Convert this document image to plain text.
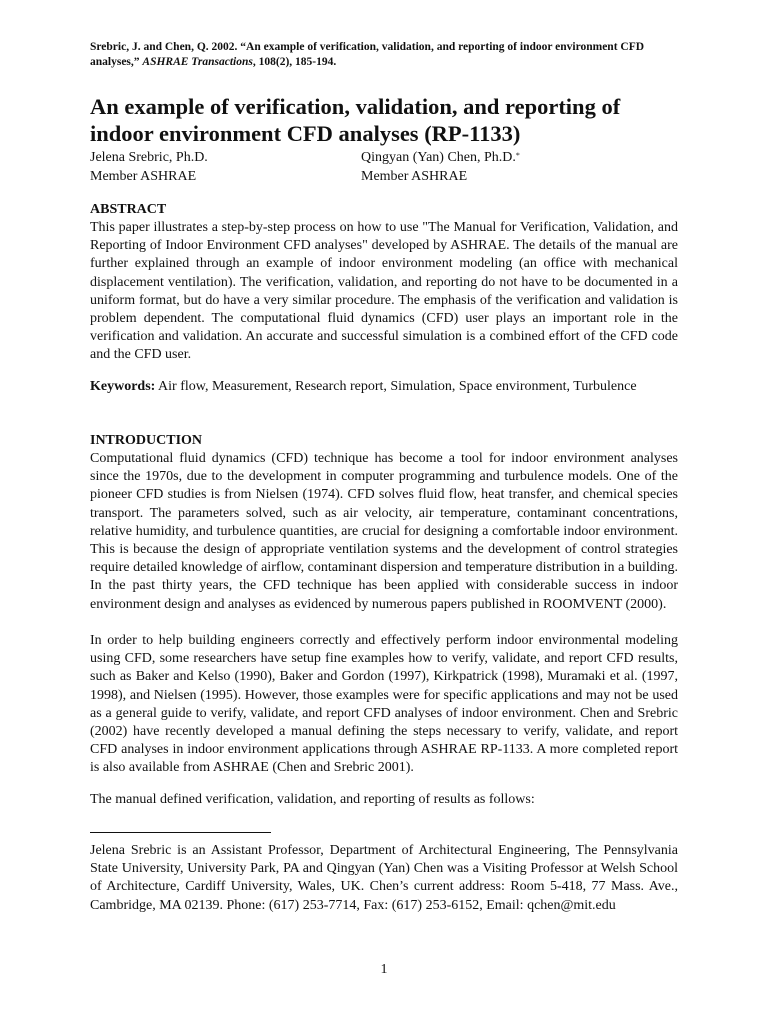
Srebric, J. and Chen, Q. 2002. “An example of verification, validation, and reporting of indoor environment CFD analyses,” ASHRAE Transactions, 108(2), 185-194.
An example of verification, validation, and reporting of indoor environment CFD analyses (RP-1133)
Jelena Srebric, Ph.D.
Member ASHRAE
Qingyan (Yan) Chen, Ph.D.*
Member ASHRAE
ABSTRACT

This paper illustrates a step-by-step process on how to use "The Manual for Verification, Validation, and Reporting of Indoor Environment CFD analyses" developed by ASHRAE. The details of the manual are further explained through an example of indoor environment modeling (an office with mechanical displacement ventilation). The verification, validation, and reporting do not have to be documented in a uniform format, but do have a very similar procedure. The emphasis of the verification and validation is problem dependent. The computational fluid dynamics (CFD) user plays an important role in the verification and validation. An accurate and successful simulation is a combined effort of the CFD code and the CFD user.

Keywords: Air flow, Measurement, Research report, Simulation, Space environment, Turbulence

INTRODUCTION

Computational fluid dynamics (CFD) technique has become a tool for indoor environment analyses since the 1970s, due to the development in computer programming and turbulence models. One of the pioneer CFD studies is from Nielsen (1974). CFD solves fluid flow, heat transfer, and chemical species transport. The parameters solved, such as air velocity, air temperature, contaminant concentrations, relative humidity, and turbulence quantities, are crucial for designing a comfortable indoor environment. This is because the design of appropriate ventilation systems and the development of control strategies require detailed knowledge of airflow, contaminant dispersion and temperature distribution in a building. In the past thirty years, the CFD technique has been applied with considerable success in indoor environment design and analyses as evidenced by numerous papers published in ROOMVENT (2000).

In order to help building engineers correctly and effectively perform indoor environmental modeling using CFD, some researchers have setup fine examples how to verify, validate, and report CFD results, such as Baker and Kelso (1990), Baker and Gordon (1997), Kirkpatrick (1998), Muramaki et al. (1997, 1998), and Nielsen (1995). However, those examples were for specific applications and may not be used as a general guide to verify, validate, and report CFD analyses of indoor environment. Chen and Srebric (2002) have recently developed a manual defining the steps necessary to verify, validate, and report CFD analyses in indoor environment applications through ASHRAE RP-1133. A more completed report is also available from ASHRAE (Chen and Srebric 2001).

The manual defined verification, validation, and reporting of results as follows:

Jelena Srebric is an Assistant Professor, Department of Architectural Engineering, The Pennsylvania State University, University Park, PA and Qingyan (Yan) Chen was a Visiting Professor at Welsh School of Architecture, Cardiff University, Wales, UK. Chen’s current address: Room 5-418, 77 Mass. Ave., Cambridge, MA 02139. Phone: (617) 253-7714, Fax: (617) 253-6152, Email: qchen@mit.edu

1
